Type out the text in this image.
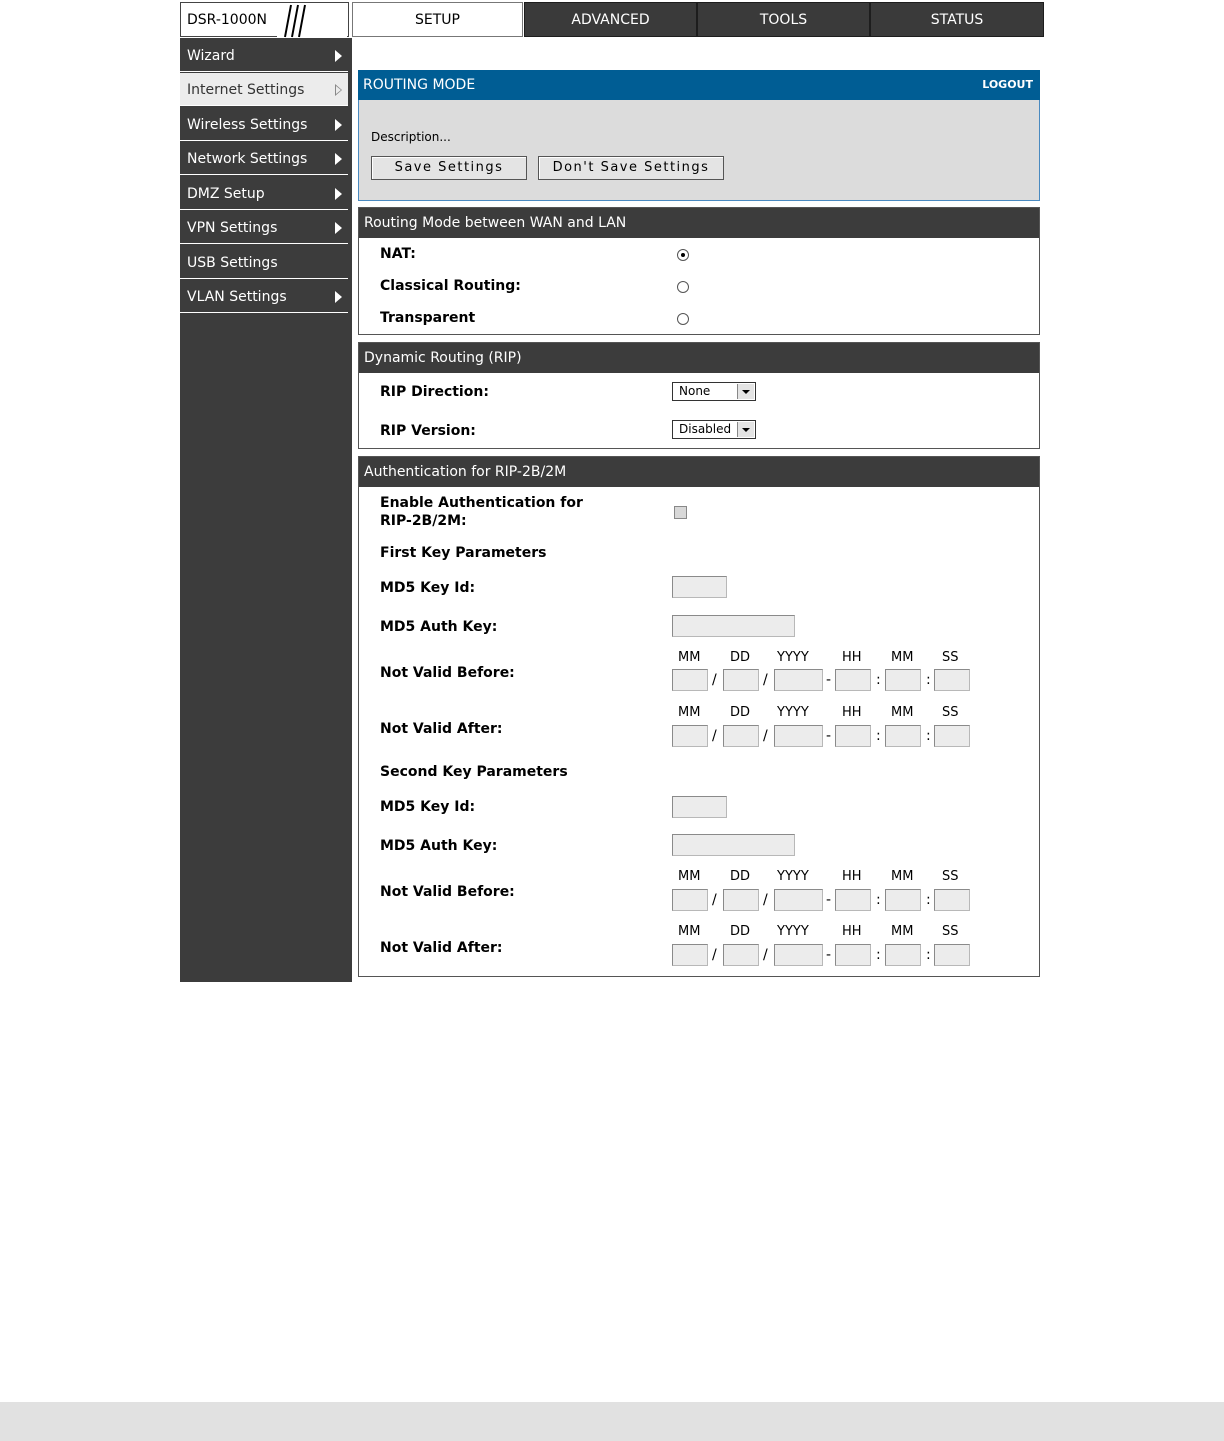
DSR-1000N	SETUP	ADVANCED	TOOLS	STATUS
Wizard
Internet Settings
Wireless Settings
Network Settings
DMZ Setup
VPN Settings
USB Settings
VLAN Settings
ROUTING MODE	LOGOUT
Description...
Save Settings	Don't Save Settings
Routing Mode between WAN and LAN
NAT:
Classical Routing:
Transparent
Dynamic Routing (RIP)
RIP Direction:	None
RIP Version:	Disabled
Authentication for RIP-2B/2M
Enable Authentication for
RIP-2B/2M:
First Key Parameters
MD5 Key Id:
MD5 Auth Key:
Not Valid Before:
MM DD YYYY	HH MM SS
/	/	-	:	:
Not Valid After:
MM DD YYYY	HH MM SS
/	/	-	:	:
Second Key Parameters
MD5 Key Id:
MD5 Auth Key:
Not Valid Before:
MM DD YYYY	HH MM SS
/	/	-	:	:
Not Valid After:
MM DD YYYY	HH MM SS
/	/	-	:	:
